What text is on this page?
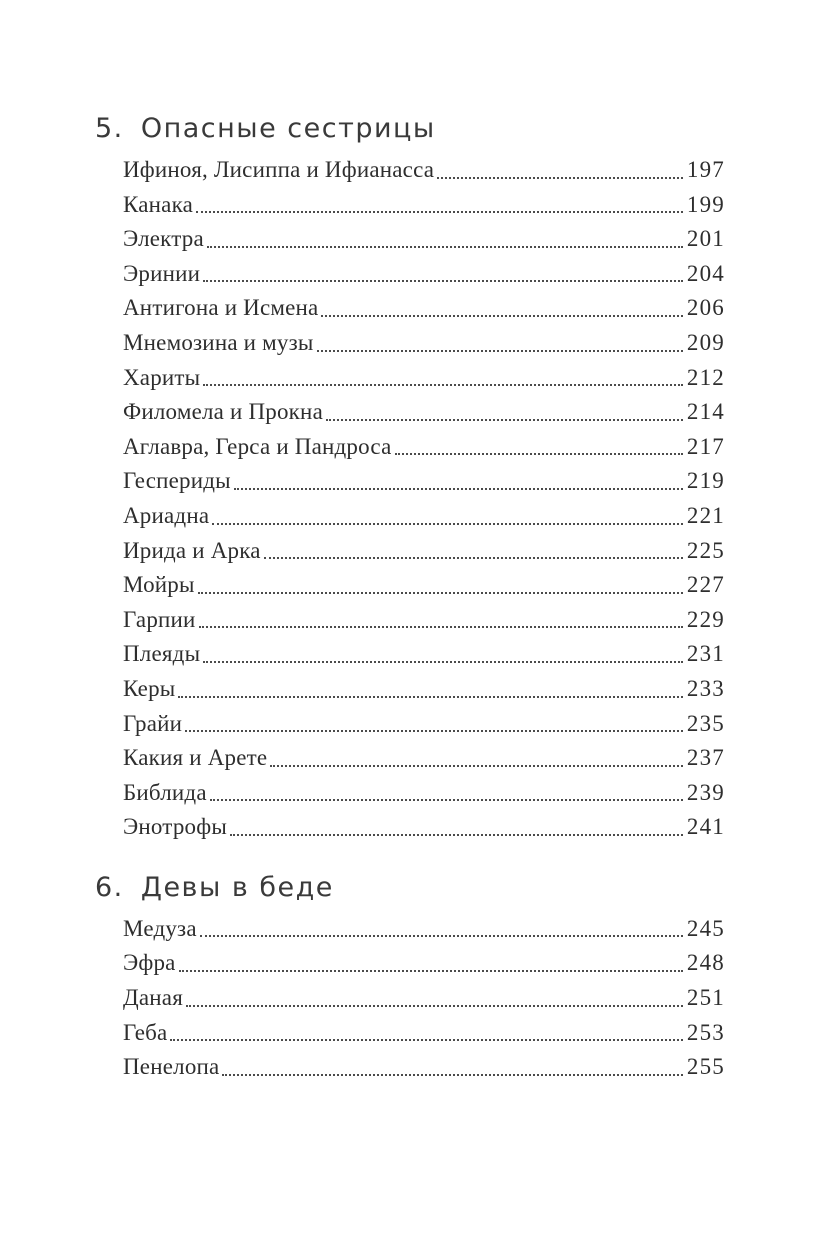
5. Опасные сестрицы
Ифиноя, Лисиппа и Ифианасса	197
Канака	199
Электра	201
Эринии	204
Антигона и Исмена	206
Мнемозина и музы	209
Хариты	212
Филомела и Прокна	214
Аглавра, Герса и Пандроса	217
Геспериды	219
Ариадна	221
Ирида и Арка	225
Мойры	227
Гарпии	229
Плеяды	231
Керы	233
Грайи	235
Какия и Арете	237
Библида	239
Энотрофы	241
6. Девы в беде
Медуза	245
Эфра	248
Даная	251
Геба	253
Пенелопа	255
